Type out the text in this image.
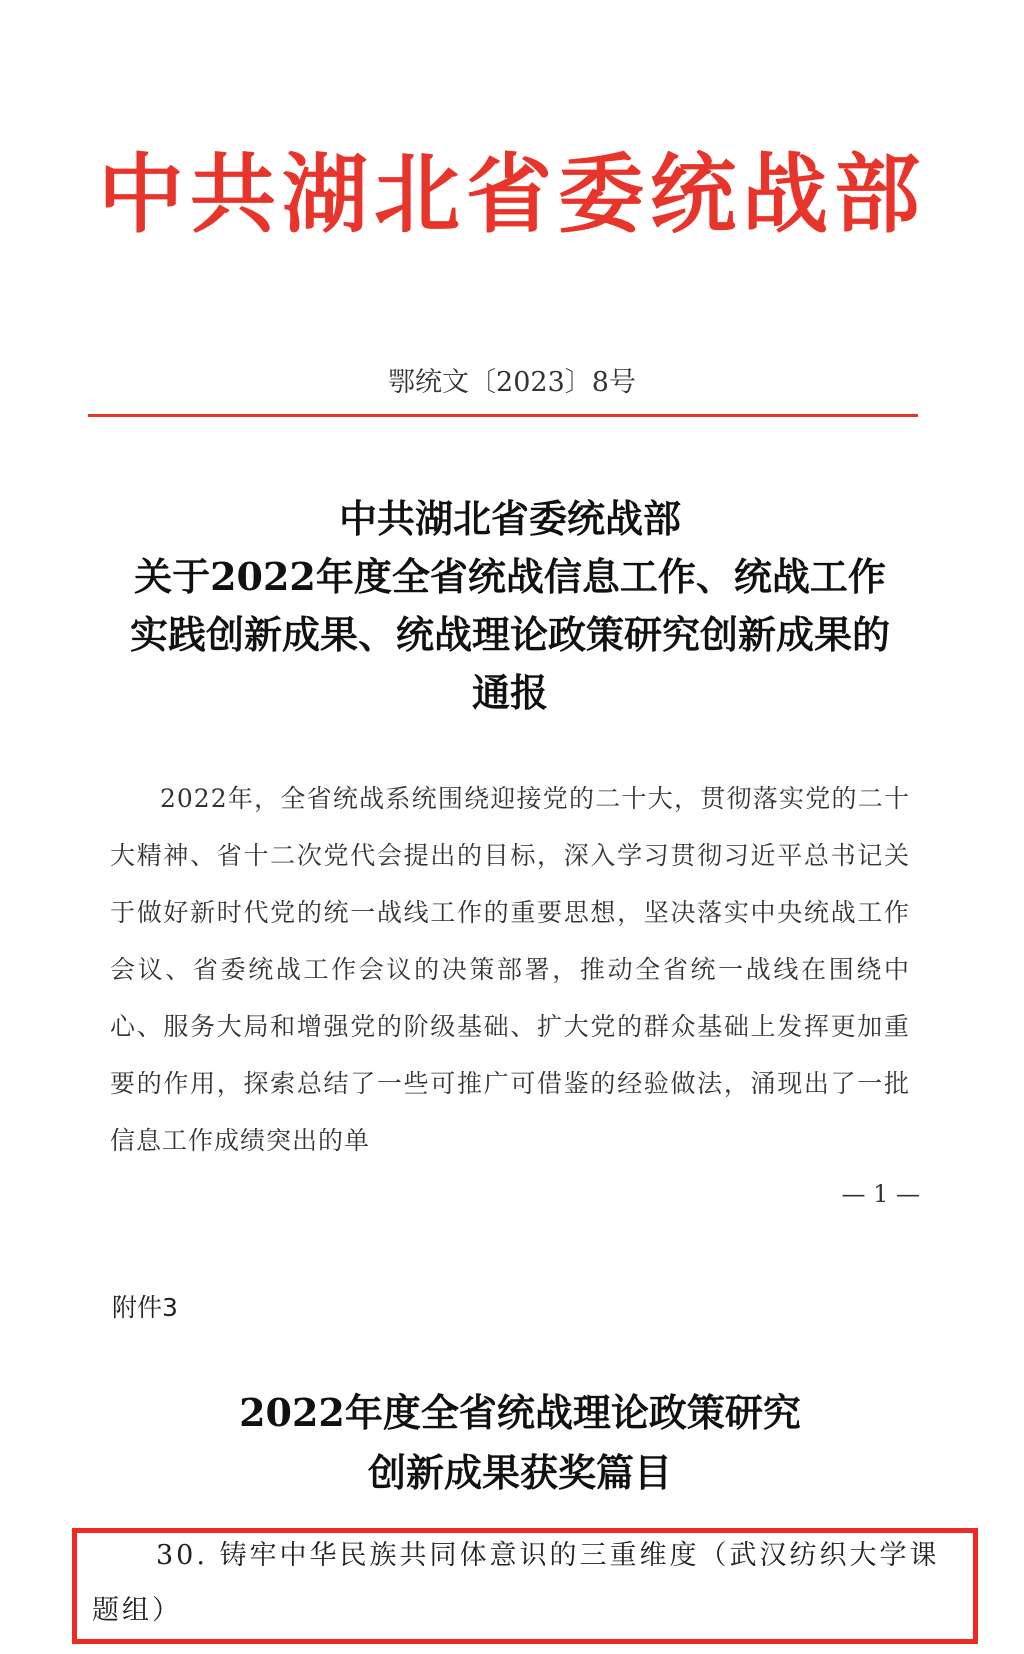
中共湖北省委统战部
鄂统文〔2023〕8号
中共湖北省委统战部
关于2022年度全省统战信息工作、统战工作
实践创新成果、统战理论政策研究创新成果的
通报
2022年，全省统战系统围绕迎接党的二十大，贯彻落实党的二十大精神、省十二次党代会提出的目标，深入学习贯彻习近平总书记关于做好新时代党的统一战线工作的重要思想，坚决落实中央统战工作会议、省委统战工作会议的决策部署，推动全省统一战线在围绕中心、服务大局和增强党的阶级基础、扩大党的群众基础上发挥更加重要的作用，探索总结了一些可推广可借鉴的经验做法，涌现出了一批信息工作成绩突出的单
— 1 —
附件3
2022年度全省统战理论政策研究
创新成果获奖篇目
30. 铸牢中华民族共同体意识的三重维度（武汉纺织大学课题组）
